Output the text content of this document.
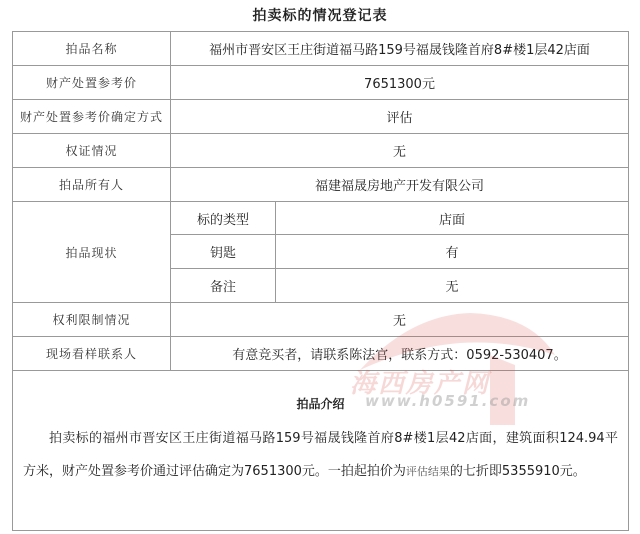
拍卖标的情况登记表
拍品名称	福州市晋安区王庄街道福马路159号福晟钱隆首府8#楼1层42店面	
财产处置参考价	7651300元	
财产处置参考价确定方式	评估	
权证情况	无	
拍品所有人	福建福晟房地产开发有限公司	
拍品现状	标的类型	店面
	钥匙	有
	备注	无
权利限制情况	无	
现场看样联系人	有意竞买者，请联系陈法官，联系方式：0592-530407。	

拍品介绍
拍卖标的福州市晋安区王庄街道福马路159号福晟钱隆首府8#楼1层42店面，建筑面积124.94平方米，财产处置参考价通过评估确定为7651300元。一拍起拍价为评估结果的七折即5355910元。		
海西房产网
www.h0591.com
